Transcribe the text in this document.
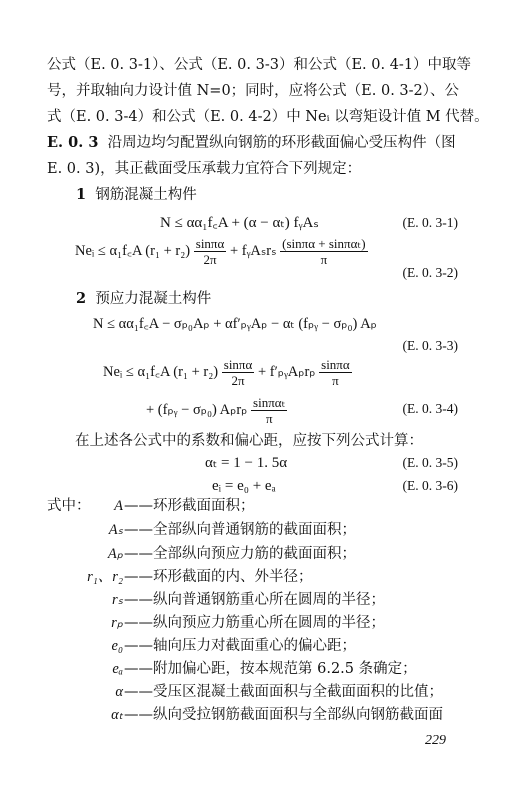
公式（E. 0. 3-1）、公式（E. 0. 3-3）和公式（E. 0. 4-1）中取等
号，并取轴向力设计值 N=0；同时，应将公式（E. 0. 3-2）、公
式（E. 0. 3-4）和公式（E. 0. 4-2）中 Neᵢ 以弯矩设计值 M 代替。
E. 0. 3 沿周边均匀配置纵向钢筋的环形截面偏心受压构件（图
E. 0. 3)，其正截面受压承载力宜符合下列规定：
1 钢筋混凝土构件
N ≤ αα₁f꜀A + (α − αₜ) fᵧAₛ	(E. 0. 3-1)
Neᵢ ≤ α₁f꜀A $(r_1 + r_2) \frac{\sin\pi\alpha}{2\pi}$ + fᵧAₛrₛ $\frac{\text{(sinπα + sinπαₜ)}}{\pi}$
(E. 0. 3-2)
2 预应力混凝土构件
N ≤ αα₁f꜀A − σₚ₀Aₚ + αf′ₚᵧAₚ − αₜ (fₚᵧ − σₚ₀) Aₚ
(E. 0. 3-3)
Neᵢ ≤ α₁f꜀A $(r_1 + r_2) \frac{\sin\pi\alpha}{2\pi}$ + f′ₚᵧAₚrₚ $\frac{\sin\pi\alpha}{\pi}$
+ (fₚᵧ − σₚ₀) Aₚrₚ $\frac{\text{sinπαₜ}}{\pi}$	(E. 0. 3-4)
在上述各公式中的系数和偏心距，应按下列公式计算：
αₜ = 1 − 1. 5α	(E. 0. 3-5)
eᵢ = e₀ + eₐ	(E. 0. 3-6)
式中： A ——环形截面面积；
Aₛ ——全部纵向普通钢筋的截面面积；
Aₚ ——全部纵向预应力筋的截面面积；
r₁、r₂ ——环形截面的内、外半径；
rₛ ——纵向普通钢筋重心所在圆周的半径；
rₚ ——纵向预应力筋重心所在圆周的半径；
e₀ ——轴向压力对截面重心的偏心距；
eₐ ——附加偏心距，按本规范第 6.2.5 条确定；
α ——受压区混凝土截面面积与全截面面积的比值；
αₜ ——纵向受拉钢筋截面面积与全部纵向钢筋截面面
229
